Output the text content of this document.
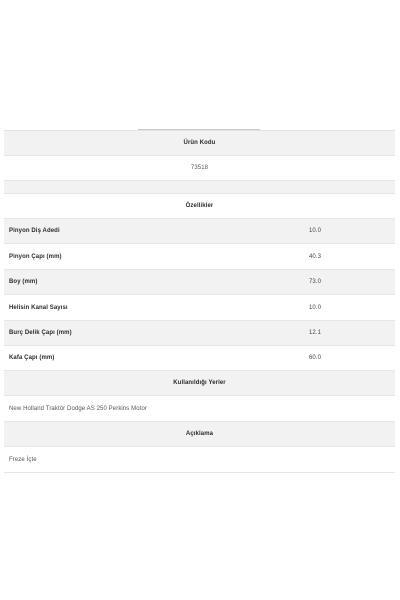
Ürün Kodu
73518
Özellikler
Pinyon Diş Adedi	10.0
Pinyon Çapı (mm)	40.3
Boy (mm)	73.0
Helisin Kanal Sayısı	10.0
Burç Delik Çapı (mm)	12.1
Kafa Çapı (mm)	60.0
Kullanıldığı Yerler
New Holland Traktör Dodge AS 250 Perkins Motor
Açıklama
Freze İçte
